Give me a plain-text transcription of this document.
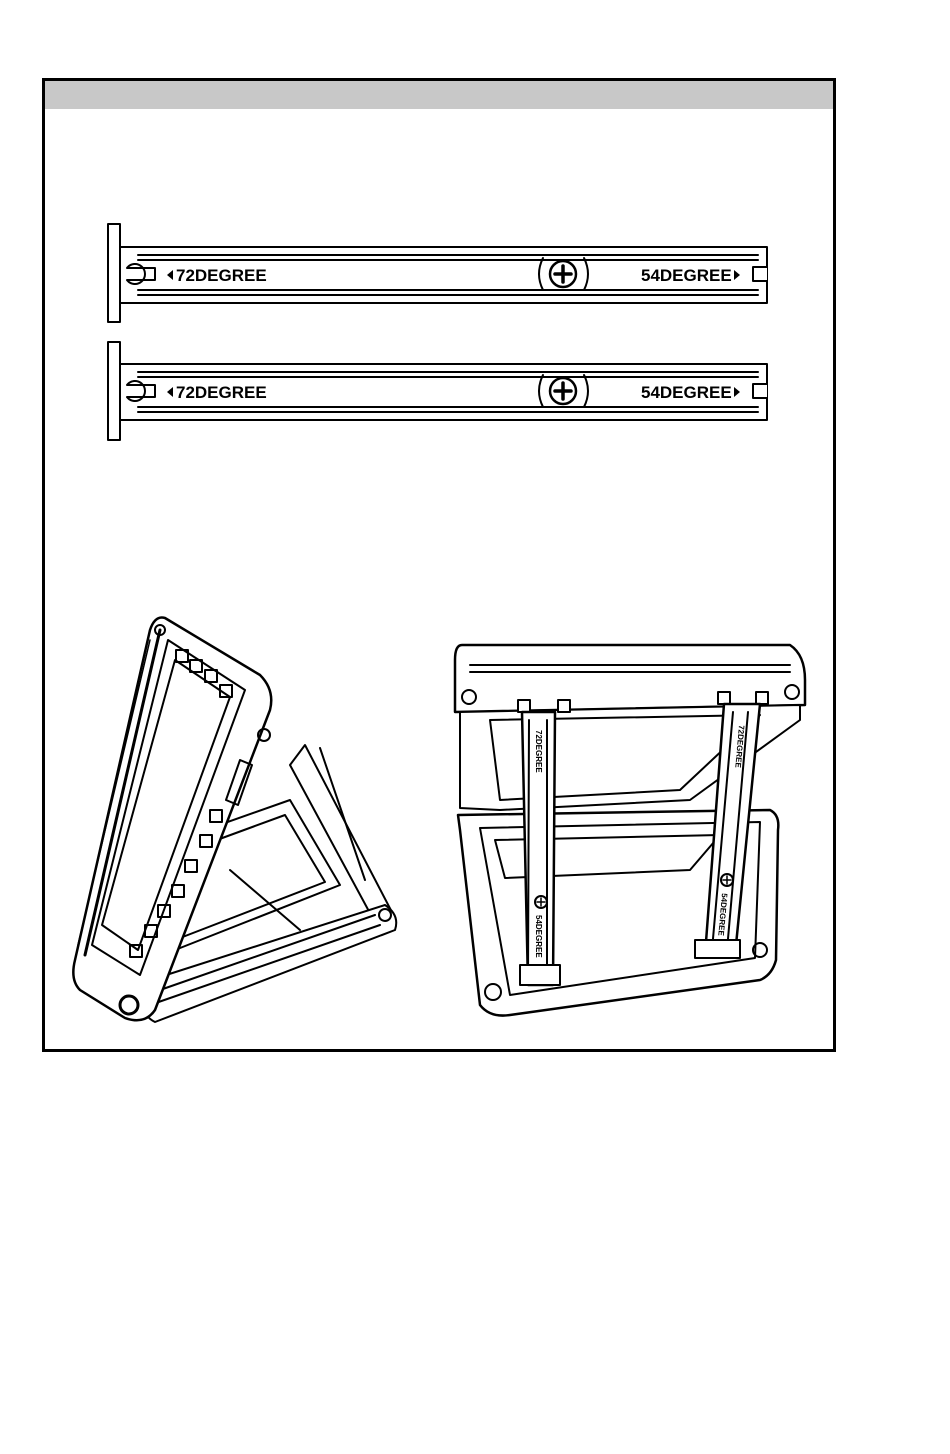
72DEGREE	54DEGREE
72DEGREE	54DEGREE
72DEGREE
54DEGREE
72DEGREE
54DEGREE
